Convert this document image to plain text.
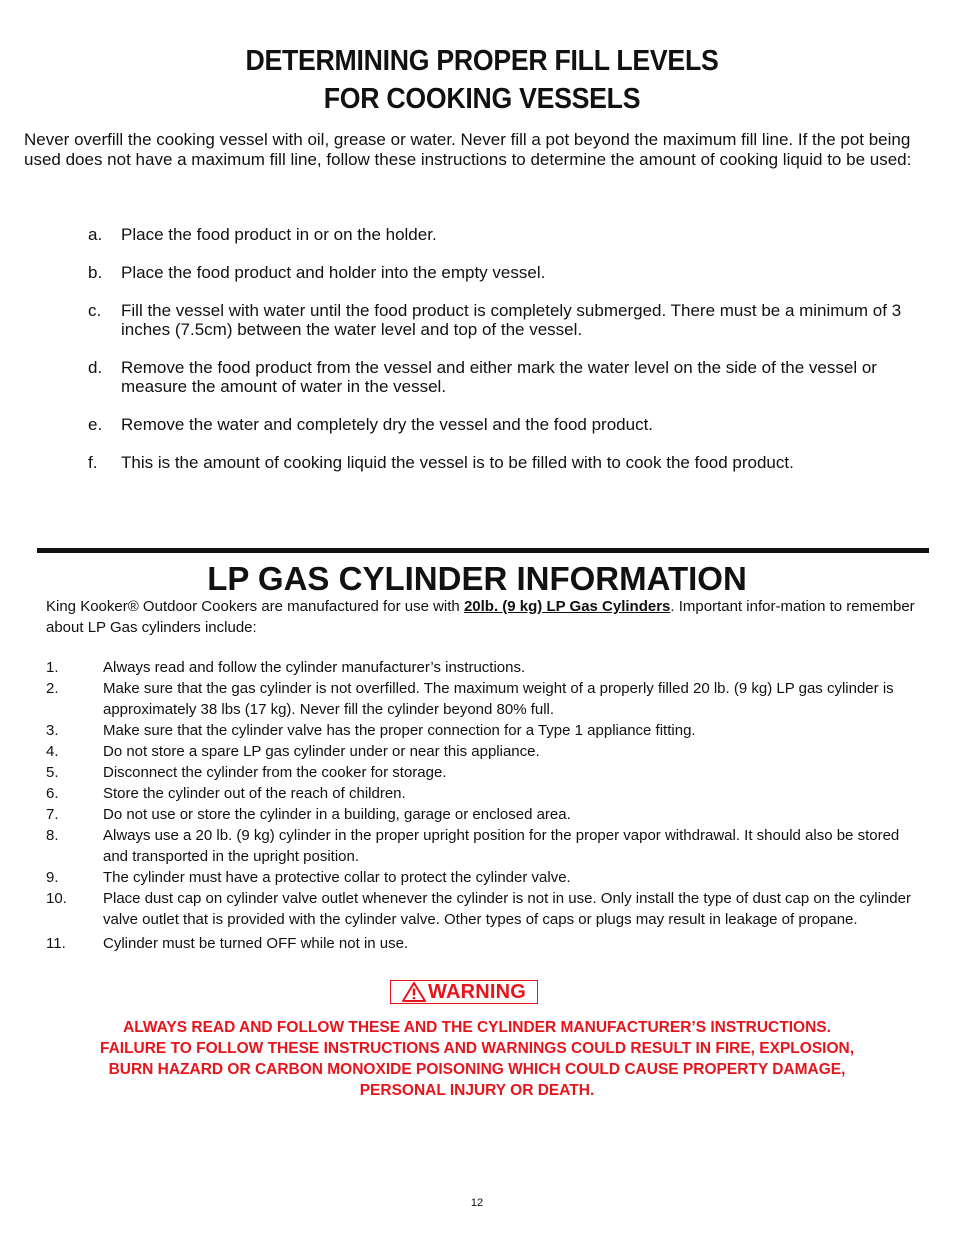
DETERMINING PROPER FILL LEVELS
FOR COOKING VESSELS
Never overfill the cooking vessel with oil, grease or water. Never fill a pot beyond the maximum fill line. If the pot being used does not have a maximum fill line, follow these instructions to determine the amount of cooking liquid to be used:
a.	Place the food product in or on the holder.
b.	Place the food product and holder into the empty vessel.
c.	Fill the vessel with water until the food product is completely submerged. There must be a minimum of 3 inches (7.5cm) between the water level and top of the vessel.
d.	Remove the food product from the vessel and either mark the water level on the side of the vessel or measure the amount of water in the vessel.
e.	Remove the water and completely dry the vessel and the food product.
f.	This is the amount of cooking liquid the vessel is to be filled with to cook the food product.
LP GAS CYLINDER INFORMATION
King Kooker® Outdoor Cookers are manufactured for use with 20lb. (9 kg) LP Gas Cylinders. Important infor-mation to remember about LP Gas cylinders include:
1.	Always read and follow the cylinder manufacturer’s instructions.
2.	Make sure that the gas cylinder is not overfilled. The maximum weight of a properly filled 20 lb. (9 kg) LP gas cylinder is approximately 38 lbs (17 kg). Never fill the cylinder beyond 80% full.
3.	Make sure that the cylinder valve has the proper connection for a Type 1 appliance fitting.
4.	Do not store a spare LP gas cylinder under or near this appliance.
5.	Disconnect the cylinder from the cooker for storage.
6.	Store the cylinder out of the reach of children.
7.	Do not use or store the cylinder in a building, garage or enclosed area.
8.	Always use a 20 lb. (9 kg) cylinder in the proper upright position for the proper vapor withdrawal. It should also be stored and transported in the upright position.
9.	The cylinder must have a protective collar to protect the cylinder valve.
10.	Place dust cap on cylinder valve outlet whenever the cylinder is not in use. Only install the type of dust cap on the cylinder valve outlet that is provided with the cylinder valve. Other types of caps or plugs may result in leakage of propane.
11.	Cylinder must be turned OFF while not in use.
WARNING
ALWAYS READ AND FOLLOW THESE AND THE CYLINDER MANUFACTURER’S INSTRUCTIONS.
FAILURE TO FOLLOW THESE INSTRUCTIONS AND WARNINGS COULD RESULT IN FIRE, EXPLOSION,
BURN HAZARD OR CARBON MONOXIDE POISONING WHICH COULD CAUSE PROPERTY DAMAGE,
PERSONAL INJURY OR DEATH.
12
